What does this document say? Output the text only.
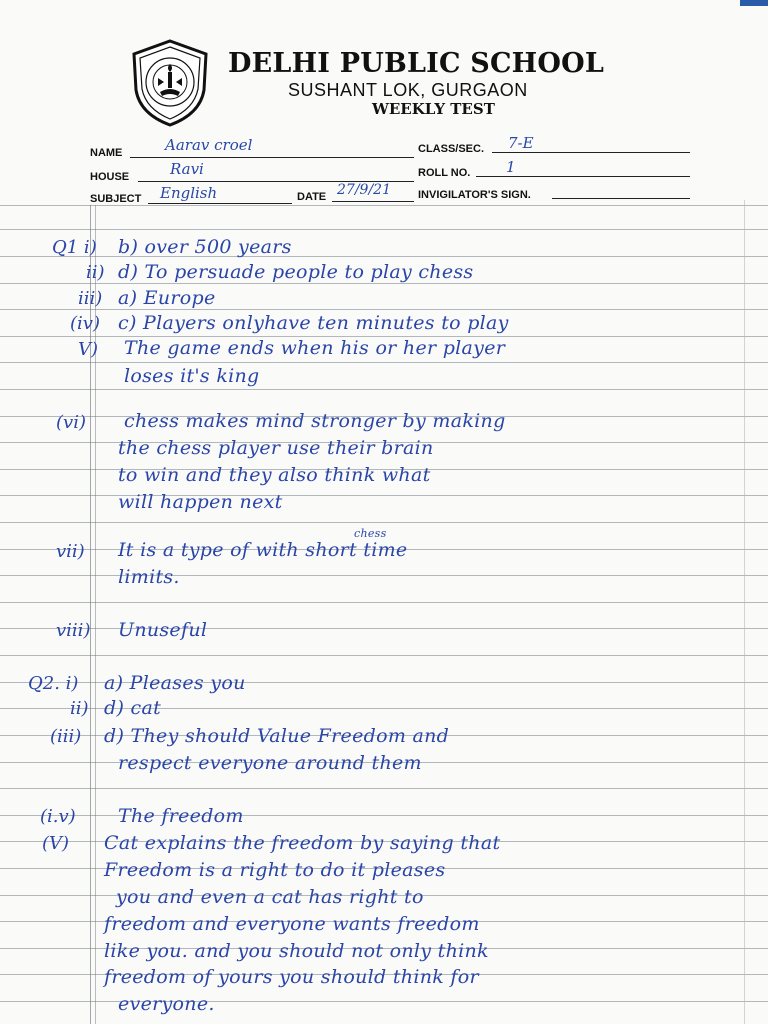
DELHI PUBLIC SCHOOL
SUSHANT LOK, GURGAON
WEEKLY TEST
NAME	Aarav croel	CLASS/SEC. 7-E
HOUSE	Ravi	ROLL NO. 1
SUBJECT English	DATE 27/9/21 INVIGILATOR'S SIGN.
Q1 i) b) over 500 years
ii) d) To persuade people to play chess
iii) a) Europe
(iv) c) Players onlyhave ten minutes to play
V) The game ends when his or her player
loses it's king
(vi) chess makes mind stronger by making
the chess player use their brain
to win and they also think what
will happen next
vii) It is a type of with short time
chess
limits.
viii) Unuseful
Q2. i) a) Pleases you
ii) d) cat
(iii) d) They should Value Freedom and
respect everyone around them
(i.v) The freedom
(V) Cat explains the freedom by saying that
Freedom is a right to do it pleases
you and even a cat has right to
freedom and everyone wants freedom
like you. and you should not only think
freedom of yours you should think for
everyone.
